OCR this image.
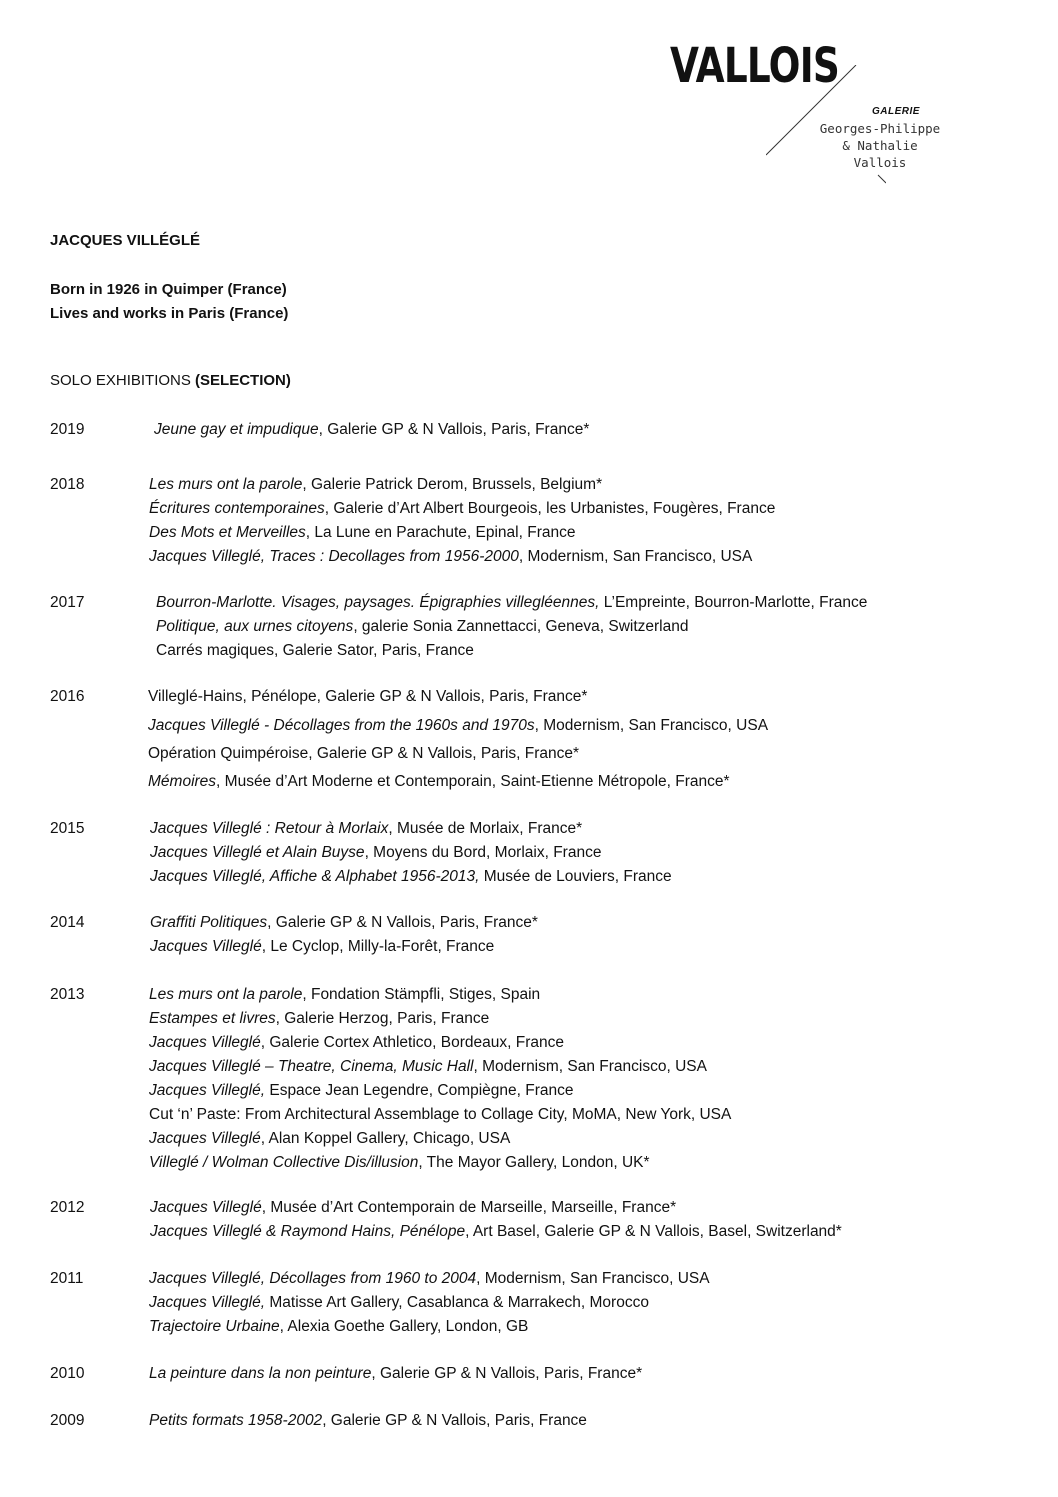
VALLOIS
GALERIE
Georges-Philippe
& Nathalie
Vallois
JACQUES VILLÉGLÉ
Born in 1926 in Quimper (France)
Lives and works in Paris (France)
SOLO EXHIBITIONS (SELECTION)
2019	Jeune gay et impudique, Galerie GP & N Vallois, Paris, France*
2018	Les murs ont la parole, Galerie Patrick Derom, Brussels, Belgium*
Écritures contemporaines, Galerie d’Art Albert Bourgeois, les Urbanistes, Fougères, France
Des Mots et Merveilles, La Lune en Parachute, Epinal, France
Jacques Villeglé, Traces : Decollages from 1956-2000, Modernism, San Francisco, USA
2017	Bourron-Marlotte. Visages, paysages. Épigraphies villegléennes, L’Empreinte, Bourron-Marlotte, France
Politique, aux urnes citoyens, galerie Sonia Zannettacci, Geneva, Switzerland
Carrés magiques, Galerie Sator, Paris, France
2016	Villeglé-Hains, Pénélope, Galerie GP & N Vallois, Paris, France*
Jacques Villeglé - Décollages from the 1960s and 1970s, Modernism, San Francisco, USA
Opération Quimpéroise, Galerie GP & N Vallois, Paris, France*
Mémoires, Musée d’Art Moderne et Contemporain, Saint-Etienne Métropole, France*
2015	Jacques Villeglé : Retour à Morlaix, Musée de Morlaix, France*
Jacques Villeglé et Alain Buyse, Moyens du Bord, Morlaix, France
Jacques Villeglé, Affiche & Alphabet 1956-2013, Musée de Louviers, France
2014	Graffiti Politiques, Galerie GP & N Vallois, Paris, France*
Jacques Villeglé, Le Cyclop, Milly-la-Forêt, France
2013	Les murs ont la parole, Fondation Stämpfli, Stiges, Spain
Estampes et livres, Galerie Herzog, Paris, France
Jacques Villeglé, Galerie Cortex Athletico, Bordeaux, France
Jacques Villeglé – Theatre, Cinema, Music Hall, Modernism, San Francisco, USA
Jacques Villeglé, Espace Jean Legendre, Compiègne, France
Cut ‘n’ Paste: From Architectural Assemblage to Collage City, MoMA, New York, USA
Jacques Villeglé, Alan Koppel Gallery, Chicago, USA
Villeglé / Wolman Collective Dis/illusion, The Mayor Gallery, London, UK*
2012	Jacques Villeglé, Musée d’Art Contemporain de Marseille, Marseille, France*
Jacques Villeglé & Raymond Hains, Pénélope, Art Basel, Galerie GP & N Vallois, Basel, Switzerland*
2011	Jacques Villeglé, Décollages from 1960 to 2004, Modernism, San Francisco, USA
Jacques Villeglé, Matisse Art Gallery, Casablanca & Marrakech, Morocco
Trajectoire Urbaine, Alexia Goethe Gallery, London, GB
2010	La peinture dans la non peinture, Galerie GP & N Vallois, Paris, France*
2009	Petits formats 1958-2002, Galerie GP & N Vallois, Paris, France
